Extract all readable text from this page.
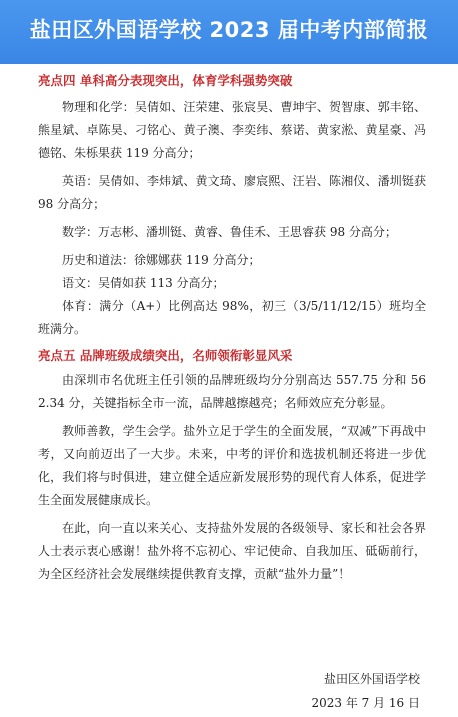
盐田区外国语学校 2023 届中考内部简报
亮点四 单科高分表现突出，体育学科强势突破
物理和化学：吴倩如、汪荣建、张宸昊、曹坤宇、贺智康、郭丰铭、熊星斌、卓陈昊、刁铭心、黄子澳、李奕纬、蔡诺、黄家淞、黄星豪、冯德铭、朱栎果获 119 分高分；
英语：吴倩如、李炜斌、黄文琦、廖宸熙、汪岩、陈湘仪、潘圳铤获 98 分高分；
数学：万志彬、潘圳铤、黄睿、鲁佳禾、王思睿获 98 分高分；
历史和道法：徐娜娜获 119 分高分；
语文：吴倩如获 113 分高分；
体育：满分（A+）比例高达 98%，初三（3/5/11/12/15）班均全班满分。
亮点五 品牌班级成绩突出，名师领衔彰显风采
由深圳市名优班主任引领的品牌班级均分分别高达 557.75 分和 562.34 分，关键指标全市一流，品牌越擦越亮；名师效应充分彰显。
教师善教，学生会学。盐外立足于学生的全面发展，“双减”下再战中考，又向前迈出了一大步。未来，中考的评价和选拔机制还将进一步优化，我们将与时俱进，建立健全适应新发展形势的现代育人体系，促进学生全面发展健康成长。
在此，向一直以来关心、支持盐外发展的各级领导、家长和社会各界人士表示衷心感谢！盐外将不忘初心、牢记使命、自我加压、砥砺前行，为全区经济社会发展继续提供教育支撑，贡献“盐外力量”！
盐田区外国语学校
2023 年 7 月 16 日
